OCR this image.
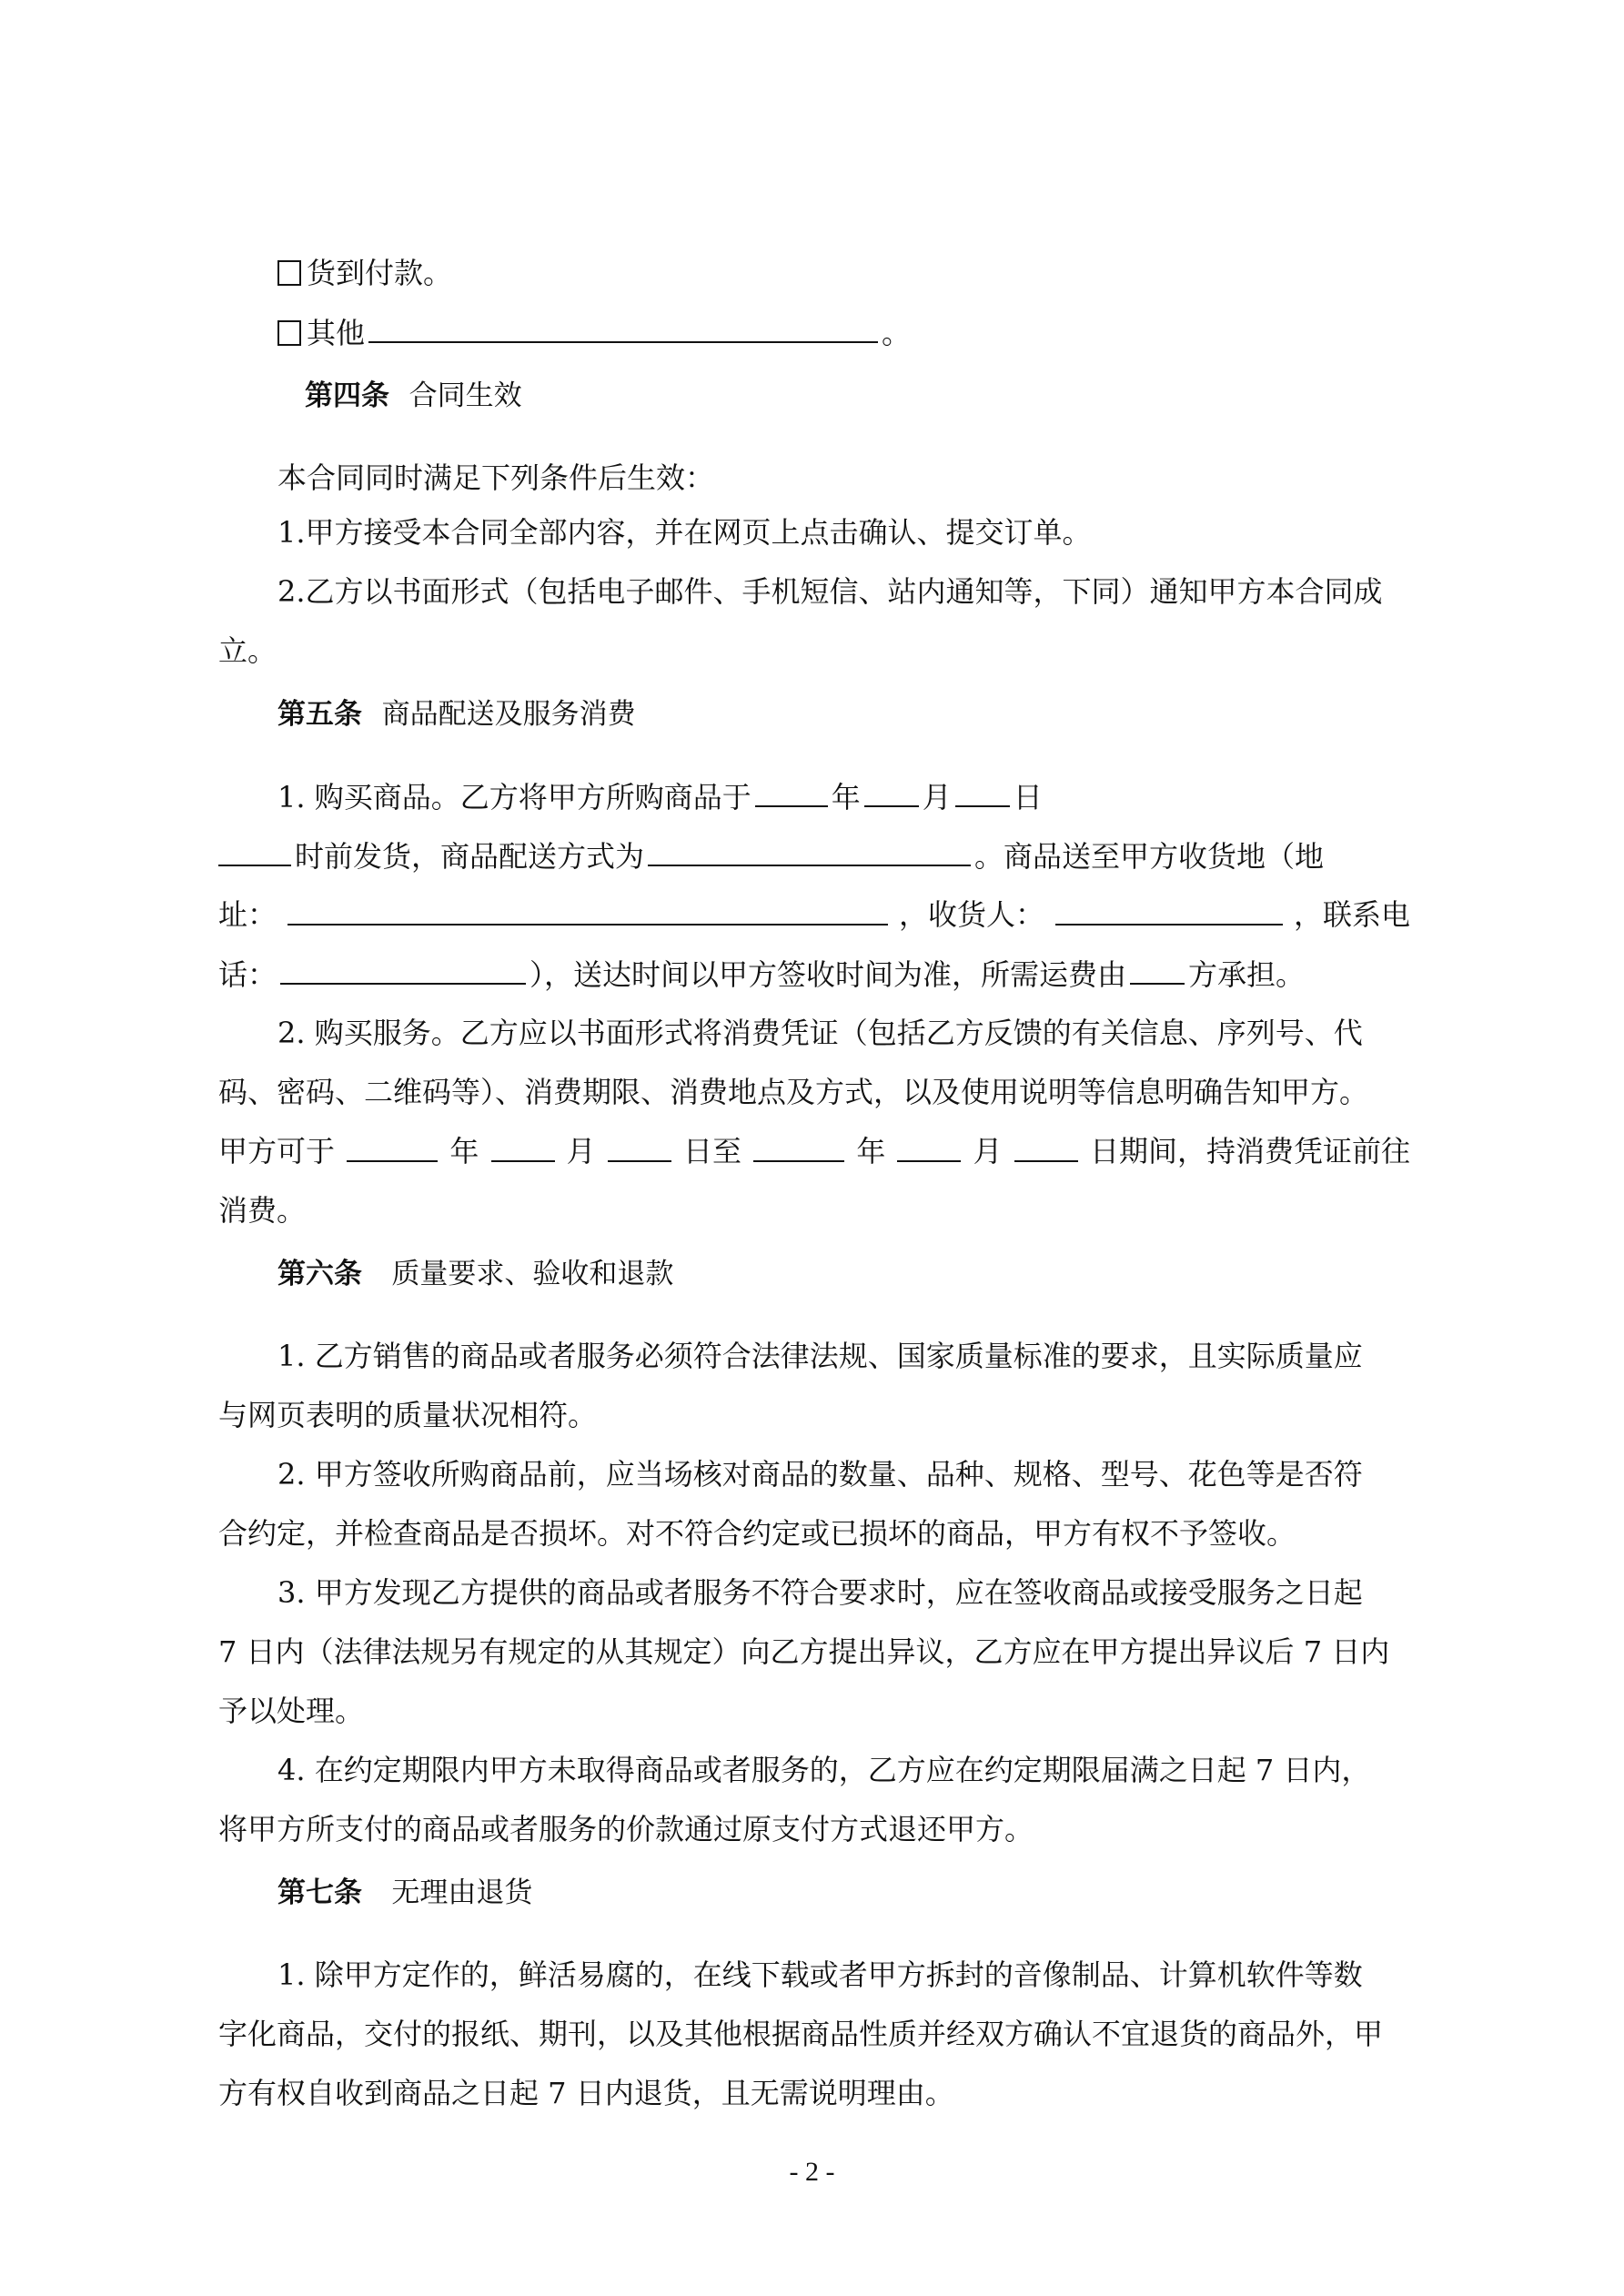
货到付款。
其他	。
第四条 合同生效
本合同同时满足下列条件后生效：
1.甲方接受本合同全部内容，并在网页上点击确认、提交订单。
2.乙方以书面形式（包括电子邮件、手机短信、站内通知等，下同）通知甲方本合同成
立。
第五条 商品配送及服务消费
1. 购买商品。乙方将甲方所购商品于	年 月 日
时前发货，商品配送方式为	。商品送至甲方收货地（地
址：	，收货人：	，联系电
话：	），送达时间以甲方签收时间为准，所需运费由 方承担。
2. 购买服务。乙方应以书面形式将消费凭证（包括乙方反馈的有关信息、序列号、代
码、密码、二维码等）、消费期限、消费地点及方式，以及使用说明等信息明确告知甲方。
甲方可于	年	月	日至	年	月	日期间，持消费凭证前往
消费。
第六条 质量要求、验收和退款
1. 乙方销售的商品或者服务必须符合法律法规、国家质量标准的要求，且实际质量应
与网页表明的质量状况相符。
2. 甲方签收所购商品前，应当场核对商品的数量、品种、规格、型号、花色等是否符
合约定，并检查商品是否损坏。对不符合约定或已损坏的商品，甲方有权不予签收。
3. 甲方发现乙方提供的商品或者服务不符合要求时，应在签收商品或接受服务之日起
7 日内（法律法规另有规定的从其规定）向乙方提出异议，乙方应在甲方提出异议后 7 日内
予以处理。
4. 在约定期限内甲方未取得商品或者服务的，乙方应在约定期限届满之日起 7 日内，
将甲方所支付的商品或者服务的价款通过原支付方式退还甲方。
第七条 无理由退货
1. 除甲方定作的，鲜活易腐的，在线下载或者甲方拆封的音像制品、计算机软件等数
字化商品，交付的报纸、期刊，以及其他根据商品性质并经双方确认不宜退货的商品外，甲
方有权自收到商品之日起 7 日内退货，且无需说明理由。
- 2 -
